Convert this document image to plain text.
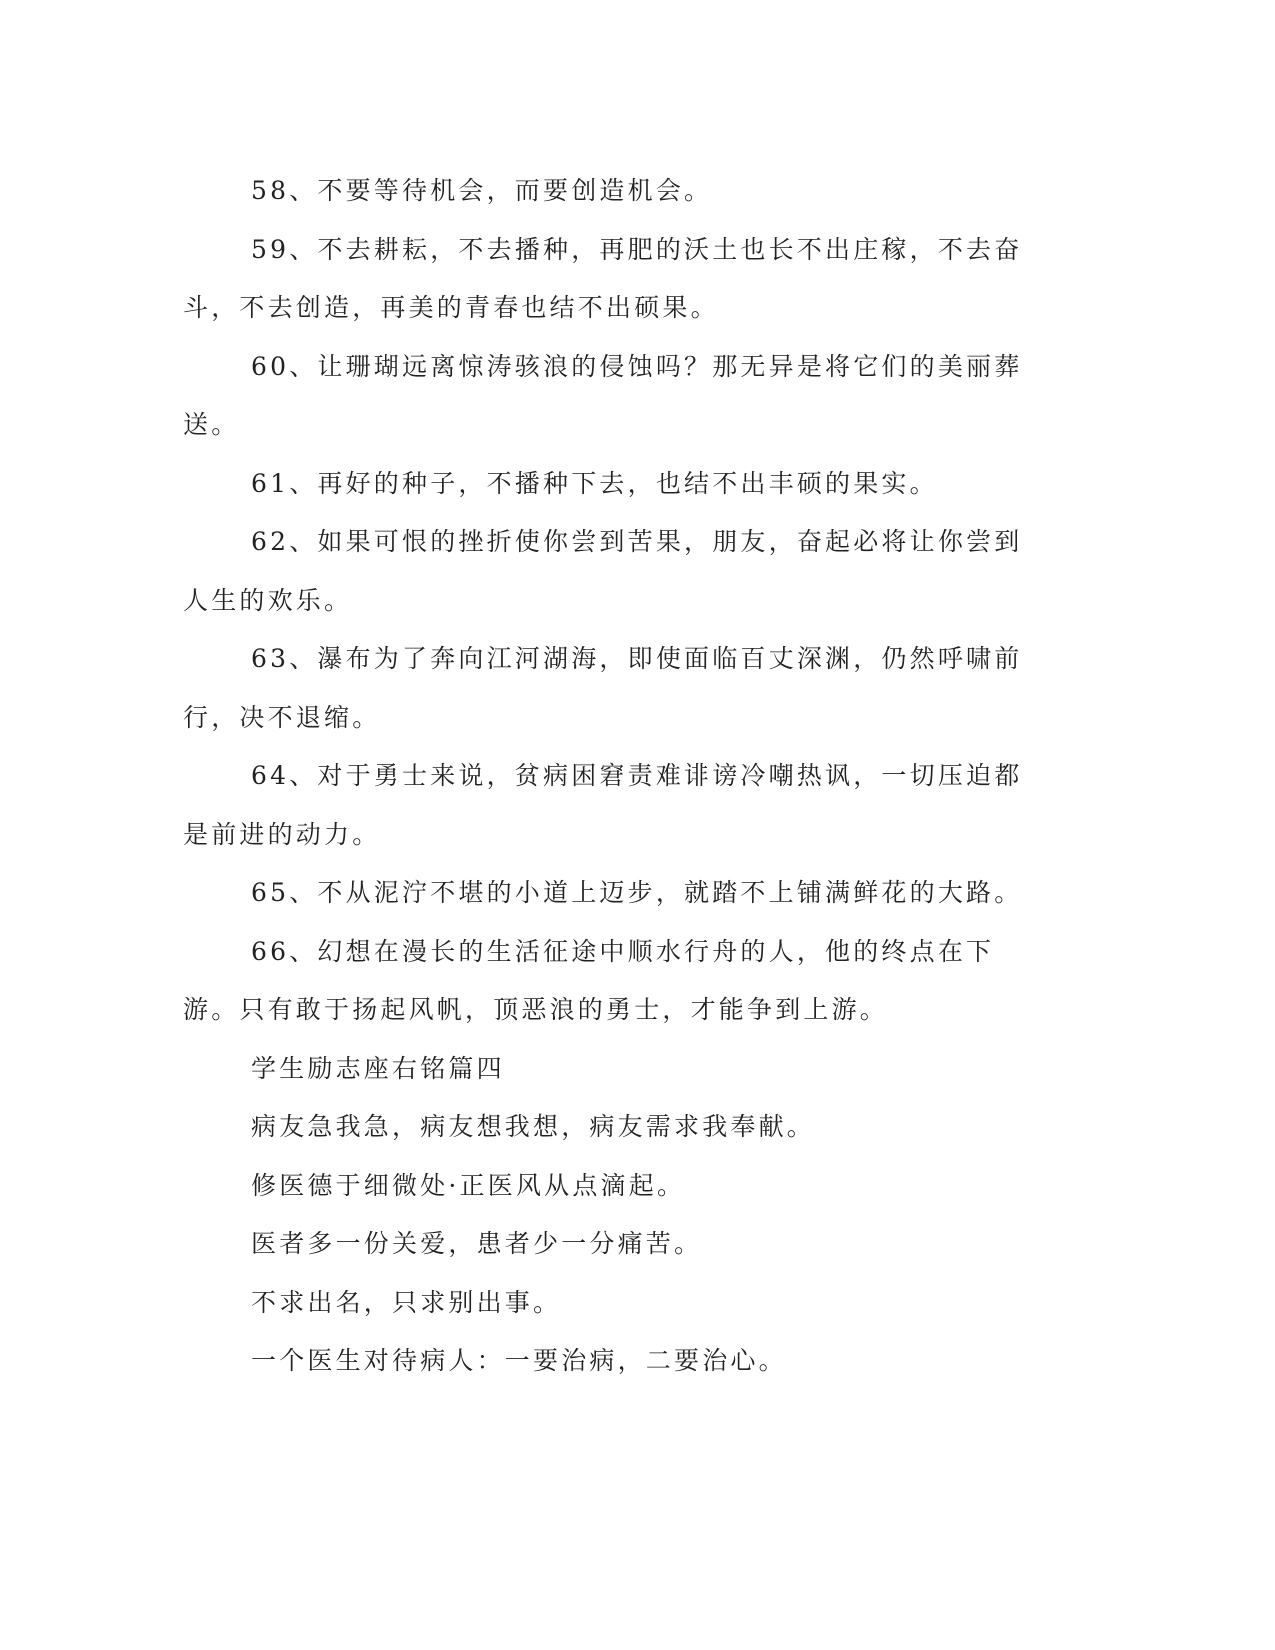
58、不要等待机会，而要创造机会。

59、不去耕耘，不去播种，再肥的沃土也长不出庄稼，不去奋斗，不去创造，再美的青春也结不出硕果。

60、让珊瑚远离惊涛骇浪的侵蚀吗？那无异是将它们的美丽葬送。

61、再好的种子，不播种下去，也结不出丰硕的果实。

62、如果可恨的挫折使你尝到苦果，朋友，奋起必将让你尝到人生的欢乐。

63、瀑布为了奔向江河湖海，即使面临百丈深渊，仍然呼啸前行，决不退缩。

64、对于勇士来说，贫病困窘责难诽谤冷嘲热讽，一切压迫都是前进的动力。

65、不从泥泞不堪的小道上迈步，就踏不上铺满鲜花的大路。

66、幻想在漫长的生活征途中顺水行舟的人，他的终点在下游。只有敢于扬起风帆，顶恶浪的勇士，才能争到上游。

学生励志座右铭篇四

病友急我急，病友想我想，病友需求我奉献。

修医德于细微处·正医风从点滴起。

医者多一份关爱，患者少一分痛苦。

不求出名，只求别出事。

一个医生对待病人：一要治病，二要治心。
